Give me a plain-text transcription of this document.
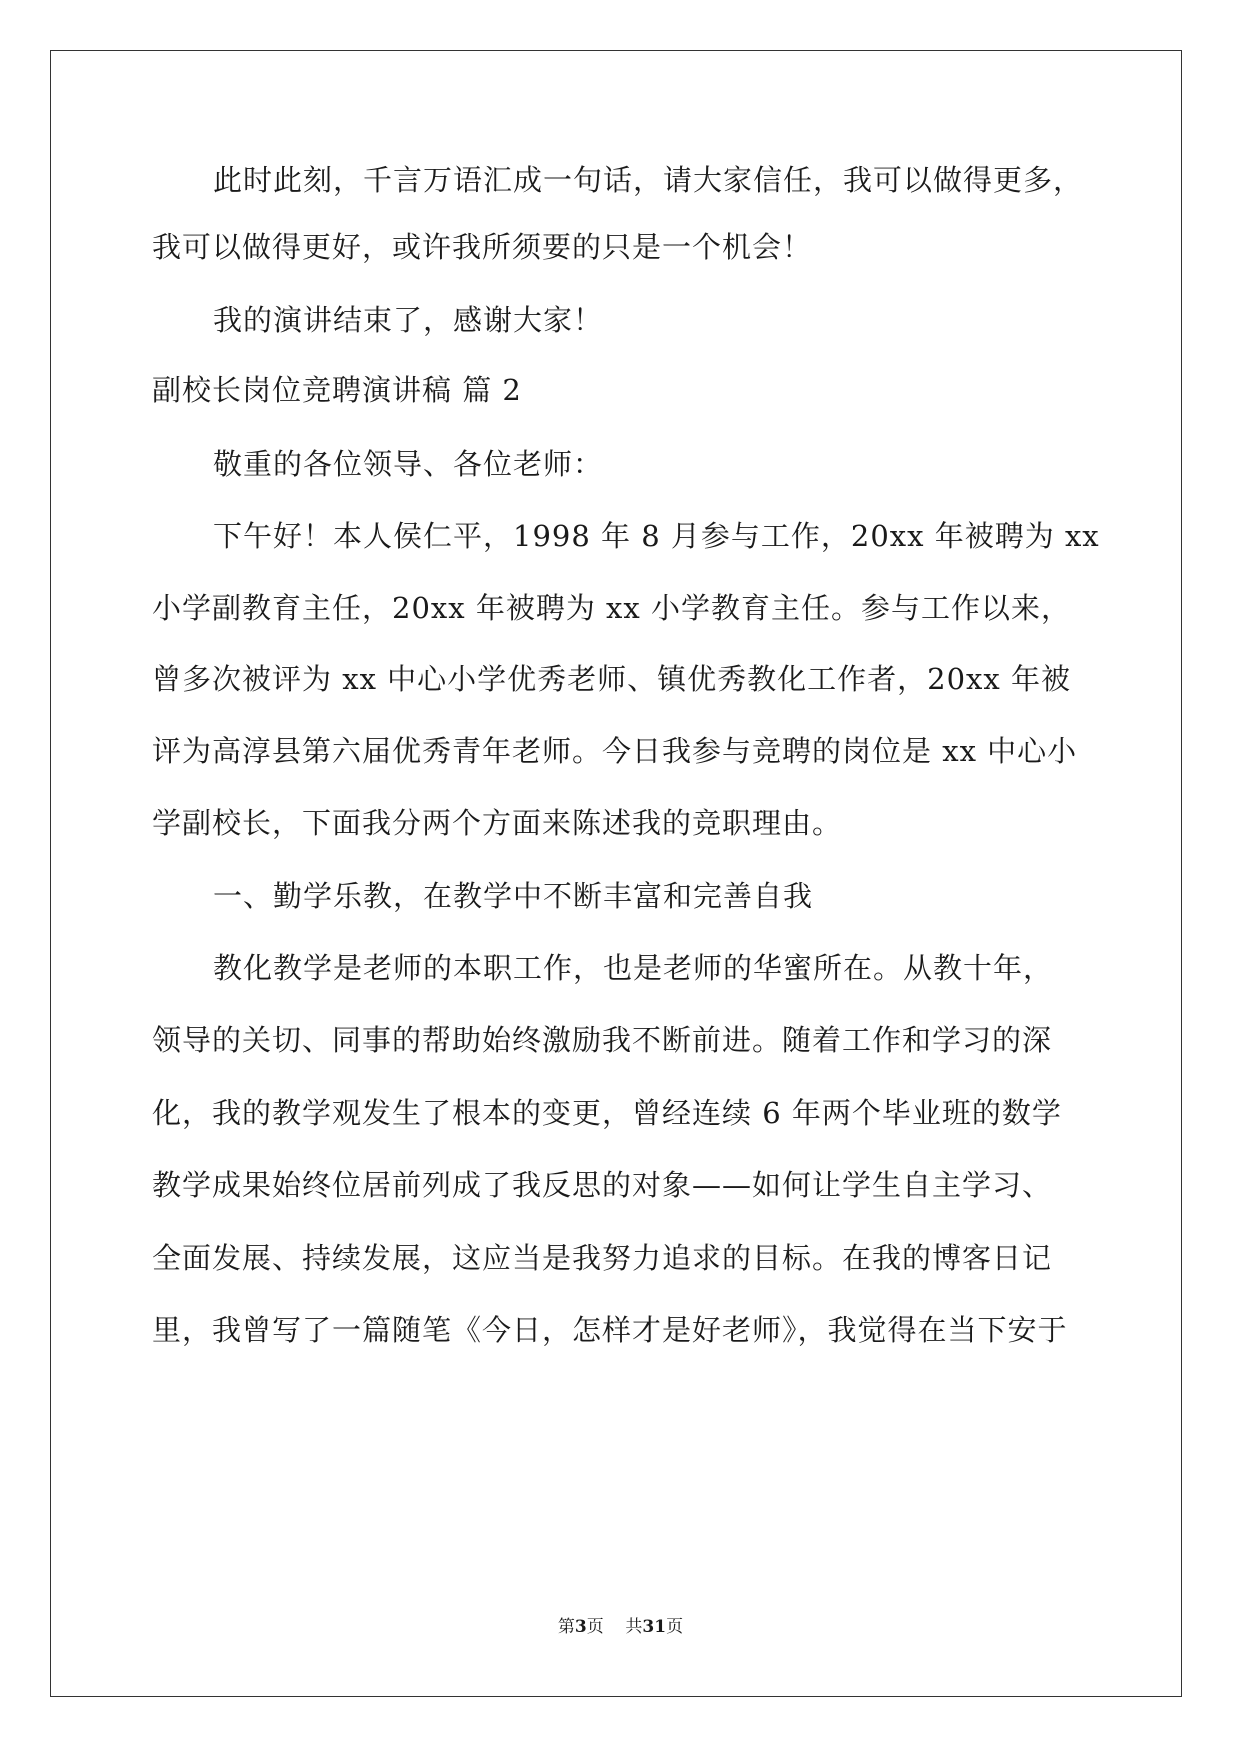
此时此刻，千言万语汇成一句话，请大家信任，我可以做得更多，
我可以做得更好，或许我所须要的只是一个机会！
我的演讲结束了，感谢大家！
副校长岗位竞聘演讲稿 篇 2
敬重的各位领导、各位老师：
下午好！本人侯仁平，1998 年 8 月参与工作，20xx 年被聘为 xx
小学副教育主任，20xx 年被聘为 xx 小学教育主任。参与工作以来，
曾多次被评为 xx 中心小学优秀老师、镇优秀教化工作者，20xx 年被
评为高淳县第六届优秀青年老师。今日我参与竞聘的岗位是 xx 中心小
学副校长，下面我分两个方面来陈述我的竞职理由。
一、勤学乐教，在教学中不断丰富和完善自我
教化教学是老师的本职工作，也是老师的华蜜所在。从教十年，
领导的关切、同事的帮助始终激励我不断前进。随着工作和学习的深
化，我的教学观发生了根本的变更，曾经连续 6 年两个毕业班的数学
教学成果始终位居前列成了我反思的对象——如何让学生自主学习、
全面发展、持续发展，这应当是我努力追求的目标。在我的博客日记
里，我曾写了一篇随笔《今日，怎样才是好老师》，我觉得在当下安于
第3页 共31页
